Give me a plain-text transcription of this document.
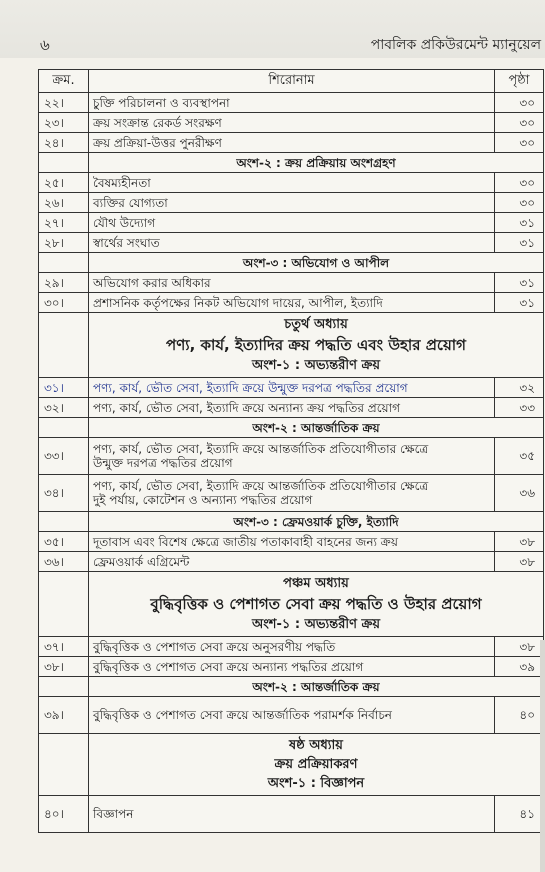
৬	পাবলিক প্রকিউরমেন্ট ম্যানুয়েল
ক্রম.	শিরোনাম	পৃষ্ঠা
২২।	চুক্তি পরিচালনা ও ব্যবস্থাপনা	৩০
২৩।	ক্রয় সংক্রান্ত রেকর্ড সংরক্ষণ	৩০
২৪।	ক্রয় প্রক্রিয়া-উত্তর পুনরীক্ষণ	৩০
	অংশ-২ : ক্রয় প্রক্রিয়ায় অংশগ্রহণ	
২৫।	বৈষম্যহীনতা	৩০
২৬।	ব্যক্তির যোগ্যতা	৩০
২৭।	যৌথ উদ্যোগ	৩১
২৮।	স্বার্থের সংঘাত	৩১
	অংশ-৩ : অভিযোগ ও আপীল	
২৯।	অভিযোগ করার অধিকার	৩১
৩০।	প্রশাসনিক কর্তৃপক্ষের নিকট অভিযোগ দায়ের, আপীল, ইত্যাদি	৩১

	চতুর্থ অধ্যায়
পণ্য, কার্য, ইত্যাদির ক্রয় পদ্ধতি এবং উহার প্রয়োগ
অংশ-১ : অভ্যন্তরীণ ক্রয়	

৩১।	পণ্য, কার্য, ভৌত সেবা, ইত্যাদি ক্রয়ে উন্মুক্ত দরপত্র পদ্ধতির প্রয়োগ	৩২
৩২।	পণ্য, কার্য, ভৌত সেবা, ইত্যাদি ক্রয়ে অন্যান্য ক্রয় পদ্ধতির প্রয়োগ	৩৩
	অংশ-২ : আন্তর্জাতিক ক্রয়	
৩৩।	পণ্য, কার্য, ভৌত সেবা, ইত্যাদি ক্রয়ে আন্তর্জাতিক প্রতিযোগীতার ক্ষেত্রে
উন্মুক্ত দরপত্র পদ্ধতির প্রয়োগ	৩৫
৩৪।	পণ্য, কার্য, ভৌত সেবা, ইত্যাদি ক্রয়ে আন্তর্জাতিক প্রতিযোগীতার ক্ষেত্রে
দুই পর্যায়, কোটেশন ও অন্যান্য পদ্ধতির প্রয়োগ	৩৬
	অংশ-৩ : ফ্রেমওয়ার্ক চুক্তি, ইত্যাদি	
৩৫।	দূতাবাস এবং বিশেষ ক্ষেত্রে জাতীয় পতাকাবাহী বাহনের জন্য ক্রয়	৩৮
৩৬।	ফ্রেমওয়ার্ক এগ্রিমেন্ট	৩৮

	পঞ্চম অধ্যায়
বুদ্ধিবৃত্তিক ও পেশাগত সেবা ক্রয় পদ্ধতি ও উহার প্রয়োগ
অংশ-১ : অভ্যন্তরীণ ক্রয়	

৩৭।	বুদ্ধিবৃত্তিক ও পেশাগত সেবা ক্রয়ে অনুসরণীয় পদ্ধতি	৩৮
৩৮।	বুদ্ধিবৃত্তিক ও পেশাগত সেবা ক্রয়ে অন্যান্য পদ্ধতির প্রয়োগ	৩৯
	অংশ-২ : আন্তর্জাতিক ক্রয়	
৩৯।	বুদ্ধিবৃত্তিক ও পেশাগত সেবা ক্রয়ে আন্তর্জাতিক পরামর্শক নির্বাচন	৪০

	ষষ্ঠ অধ্যায়
ক্রয় প্রক্রিয়াকরণ
অংশ-১ : বিজ্ঞাপন	

৪০।	বিজ্ঞাপন	৪১
